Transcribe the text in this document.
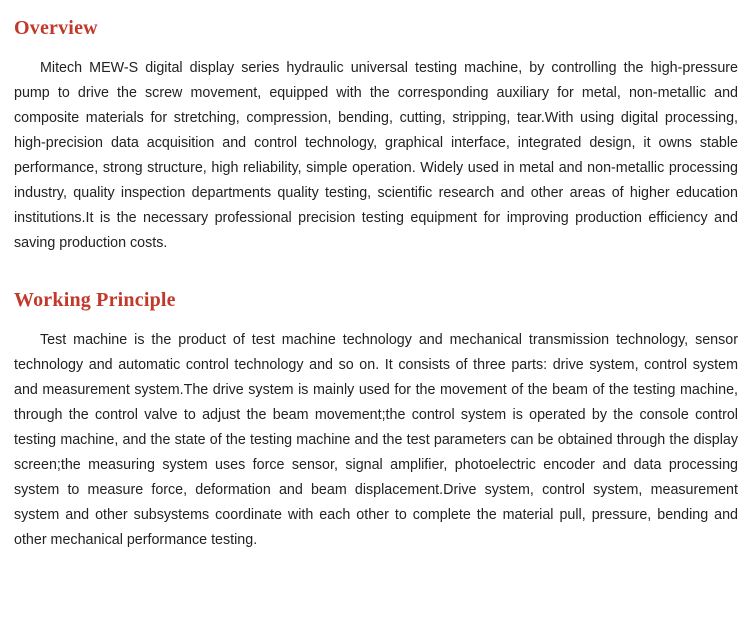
Overview

Mitech MEW-S digital display series hydraulic universal testing machine, by controlling the high-pressure pump to drive the screw movement, equipped with the corresponding auxiliary for metal, non-metallic and composite materials for stretching, compression, bending, cutting, stripping, tear.With using digital processing, high-precision data acquisition and control technology, graphical interface, integrated design, it owns stable performance, strong structure, high reliability, simple operation. Widely used in metal and non-metallic processing industry, quality inspection departments quality testing, scientific research and other areas of higher education institutions.It is the necessary professional precision testing equipment for improving production efficiency and saving production costs.

Working Principle

Test machine is the product of test machine technology and mechanical transmission technology, sensor technology and automatic control technology and so on. It consists of three parts: drive system, control system and measurement system.The drive system is mainly used for the movement of the beam of the testing machine, through the control valve to adjust the beam movement;the control system is operated by the console control testing machine, and the state of the testing machine and the test parameters can be obtained through the display screen;the measuring system uses force sensor, signal amplifier, photoelectric encoder and data processing system to measure force, deformation and beam displacement.Drive system, control system, measurement system and other subsystems coordinate with each other to complete the material pull, pressure, bending and other mechanical performance testing.
